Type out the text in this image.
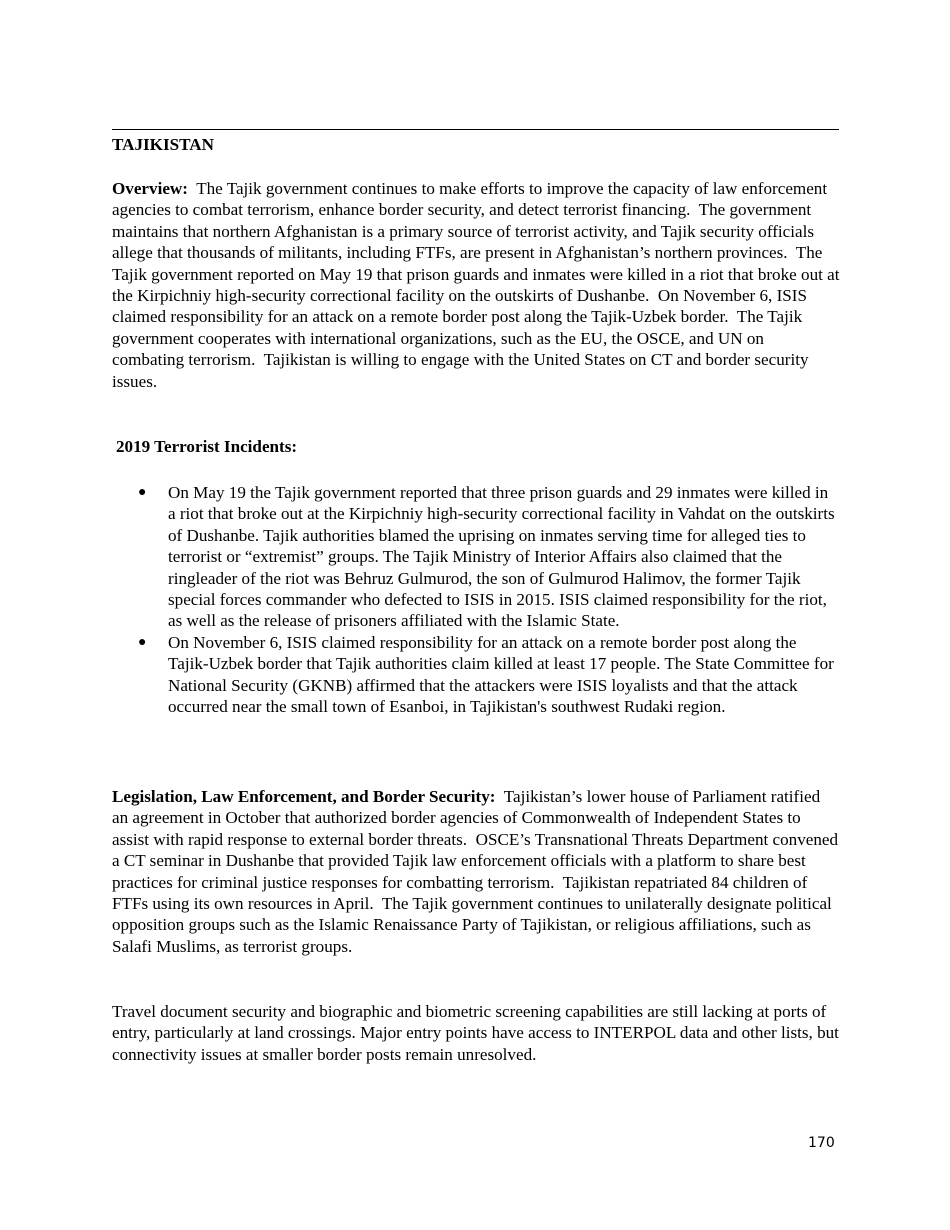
TAJIKISTAN

Overview: The Tajik government continues to make efforts to improve the capacity of law enforcement agencies to combat terrorism, enhance border security, and detect terrorist financing.  The government maintains that northern Afghanistan is a primary source of terrorist activity, and Tajik security officials allege that thousands of militants, including FTFs, are present in Afghanistan’s northern provinces.  The Tajik government reported on May 19 that prison guards and inmates were killed in a riot that broke out at the Kirpichniy high-security correctional facility on the outskirts of Dushanbe.  On November 6, ISIS claimed responsibility for an attack on a remote border post along the Tajik-Uzbek border.  The Tajik government cooperates with international organizations, such as the EU, the OSCE, and UN on combating terrorism.  Tajikistan is willing to engage with the United States on CT and border security issues.

2019 Terrorist Incidents:
● On May 19 the Tajik government reported that three prison guards and 29 inmates were killed in a riot that broke out at the Kirpichniy high-security correctional facility in Vahdat on the outskirts of Dushanbe. Tajik authorities blamed the uprising on inmates serving time for alleged ties to terrorist or “extremist” groups. The Tajik Ministry of Interior Affairs also claimed that the ringleader of the riot was Behruz Gulmurod, the son of Gulmurod Halimov, the former Tajik special forces commander who defected to ISIS in 2015. ISIS claimed responsibility for the riot, as well as the release of prisoners affiliated with the Islamic State.
● On November 6, ISIS claimed responsibility for an attack on a remote border post along the Tajik-Uzbek border that Tajik authorities claim killed at least 17 people. The State Committee for National Security (GKNB) affirmed that the attackers were ISIS loyalists and that the attack occurred near the small town of Esanboi, in Tajikistan's southwest Rudaki region.

Legislation, Law Enforcement, and Border Security: Tajikistan’s lower house of Parliament ratified an agreement in October that authorized border agencies of Commonwealth of Independent States to assist with rapid response to external border threats.  OSCE’s Transnational Threats Department convened a CT seminar in Dushanbe that provided Tajik law enforcement officials with a platform to share best practices for criminal justice responses for combatting terrorism.  Tajikistan repatriated 84 children of FTFs using its own resources in April.  The Tajik government continues to unilaterally designate political opposition groups such as the Islamic Renaissance Party of Tajikistan, or religious affiliations, such as Salafi Muslims, as terrorist groups.

Travel document security and biographic and biometric screening capabilities are still lacking at ports of entry, particularly at land crossings. Major entry points have access to INTERPOL data and other lists, but connectivity issues at smaller border posts remain unresolved.

170
